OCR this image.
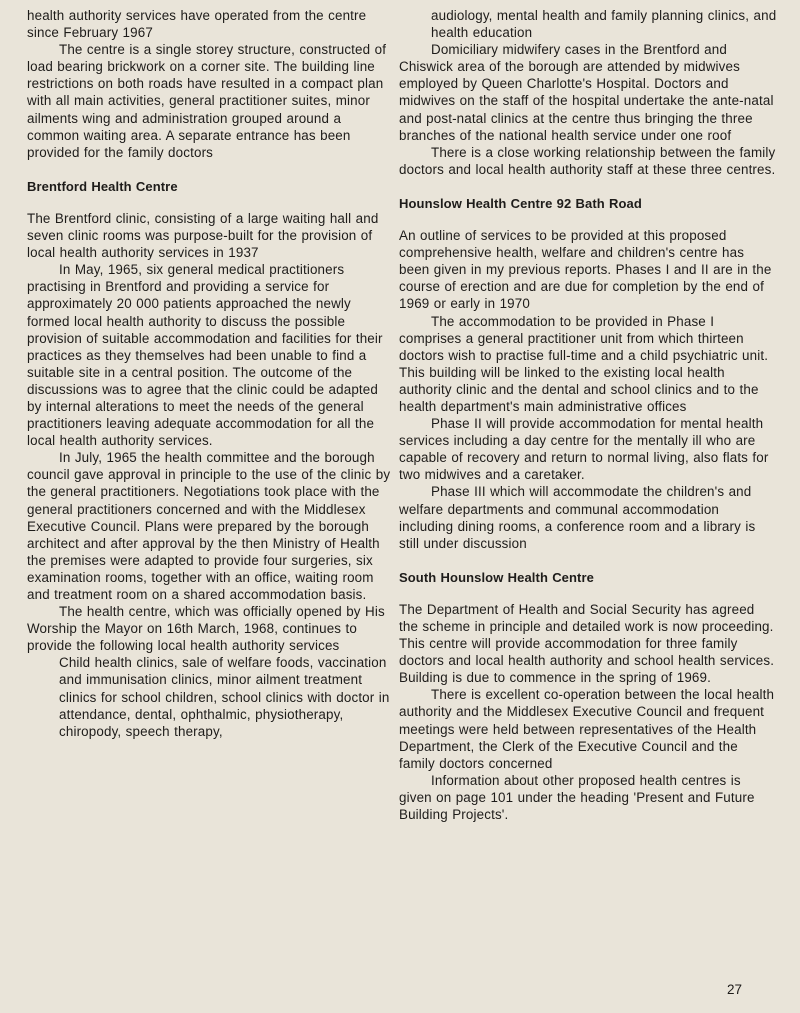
health authority services have operated from the centre since February 1967

The centre is a single storey structure, constructed of load bearing brickwork on a corner site. The building line restrictions on both roads have resulted in a compact plan with all main activities, general practitioner suites, minor ailments wing and administration grouped around a common waiting area. A separate entrance has been provided for the family doctors

Brentford Health Centre

The Brentford clinic, consisting of a large waiting hall and seven clinic rooms was purpose-built for the provision of local health authority services in 1937

In May, 1965, six general medical practitioners practising in Brentford and providing a service for approximately 20 000 patients approached the newly formed local health authority to discuss the possible provision of suitable accommodation and facilities for their practices as they themselves had been unable to find a suitable site in a central position. The outcome of the discussions was to agree that the clinic could be adapted by internal alterations to meet the needs of the general practitioners leaving adequate accommodation for all the local health authority services.

In July, 1965 the health committee and the borough council gave approval in principle to the use of the clinic by the general practitioners. Negotiations took place with the general practitioners concerned and with the Middlesex Executive Council. Plans were prepared by the borough architect and after approval by the then Ministry of Health the premises were adapted to provide four surgeries, six examination rooms, together with an office, waiting room and treatment room on a shared accommodation basis.

The health centre, which was officially opened by His Worship the Mayor on 16th March, 1968, continues to provide the following local health authority services

Child health clinics, sale of welfare foods, vaccination and immunisation clinics, minor ailment treatment clinics for school children, school clinics with doctor in attendance, dental, ophthalmic, physiotherapy, chiropody, speech therapy,

audiology, mental health and family planning clinics, and health education

Domiciliary midwifery cases in the Brentford and Chiswick area of the borough are attended by midwives employed by Queen Charlotte's Hospital. Doctors and midwives on the staff of the hospital undertake the ante-natal and post-natal clinics at the centre thus bringing the three branches of the national health service under one roof

There is a close working relationship between the family doctors and local health authority staff at these three centres.

Hounslow Health Centre 92 Bath Road

An outline of services to be provided at this proposed comprehensive health, welfare and children's centre has been given in my previous reports. Phases I and II are in the course of erection and are due for completion by the end of 1969 or early in 1970

The accommodation to be provided in Phase I comprises a general practitioner unit from which thirteen doctors wish to practise full-time and a child psychiatric unit. This building will be linked to the existing local health authority clinic and the dental and school clinics and to the health department's main administrative offices

Phase II will provide accommodation for mental health services including a day centre for the mentally ill who are capable of recovery and return to normal living, also flats for two midwives and a caretaker.

Phase III which will accommodate the children's and welfare departments and communal accommodation including dining rooms, a conference room and a library is still under discussion

South Hounslow Health Centre

The Department of Health and Social Security has agreed the scheme in principle and detailed work is now proceeding. This centre will provide accommodation for three family doctors and local health authority and school health services. Building is due to commence in the spring of 1969.

There is excellent co-operation between the local health authority and the Middlesex Executive Council and frequent meetings were held between representatives of the Health Department, the Clerk of the Executive Council and the family doctors concerned

Information about other proposed health centres is given on page 101 under the heading 'Present and Future Building Projects'.

27
